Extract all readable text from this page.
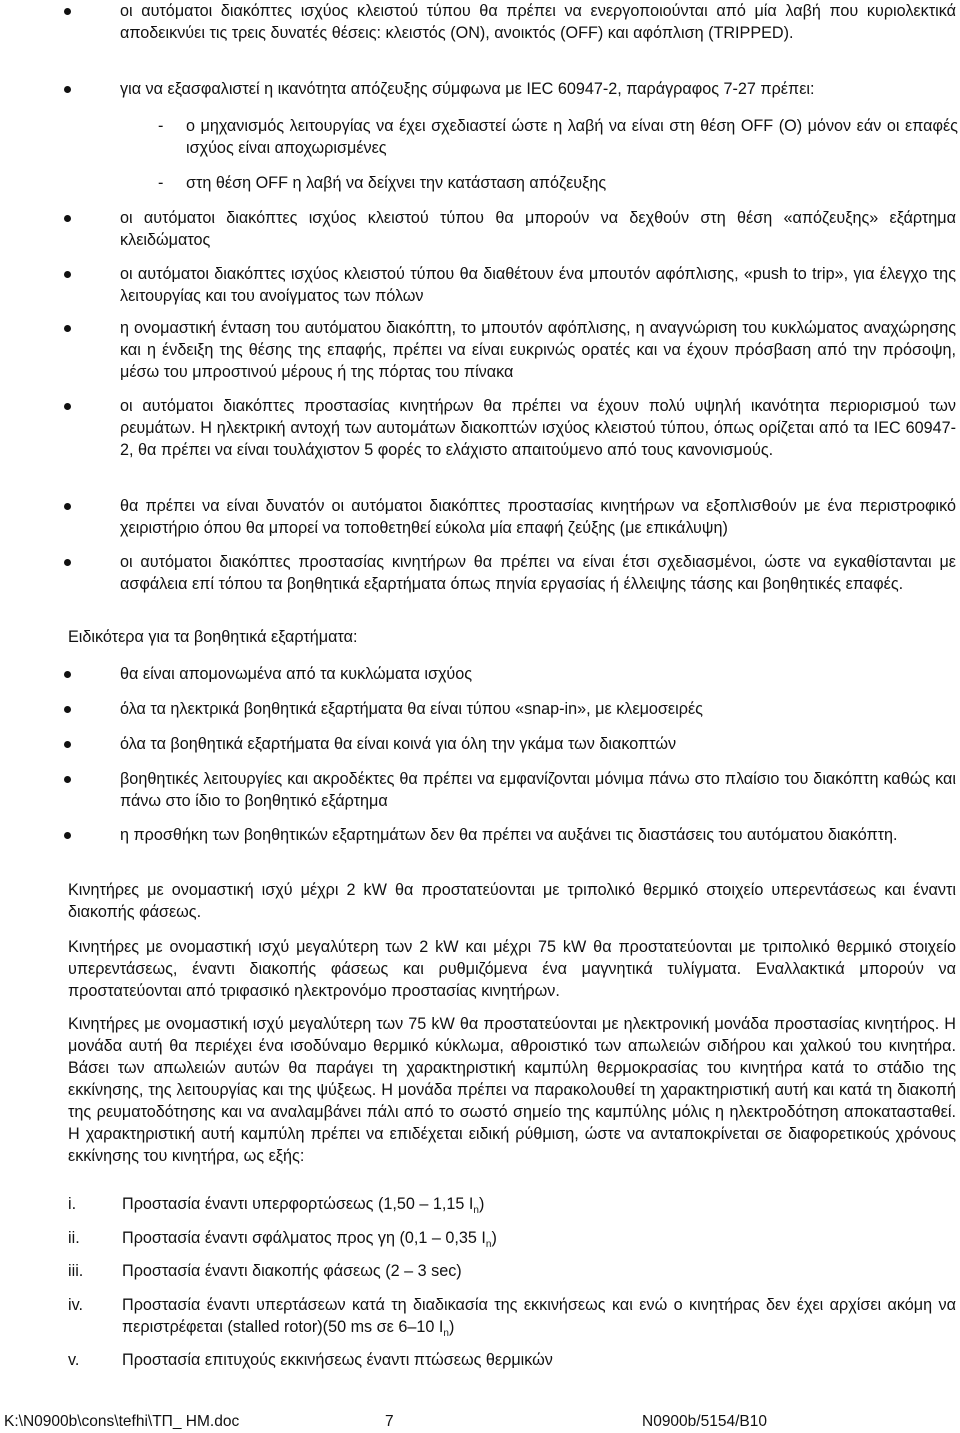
οι αυτόματοι διακόπτες ισχύος κλειστού τύπου θα πρέπει να ενεργοποιούνται από μία λαβή που κυριολεκτικά αποδεικνύει τις τρεις δυνατές θέσεις: κλειστός (ON), ανοικτός (OFF) και αφόπλιση (TRIPPED).
για να εξασφαλιστεί η ικανότητα απόζευξης σύμφωνα με IEC 60947-2, παράγραφος 7-27 πρέπει:
- ο μηχανισμός λειτουργίας να έχει σχεδιαστεί ώστε η λαβή να είναι στη θέση OFF (O) μόνον εάν οι επαφές ισχύος είναι αποχωρισμένες
- στη θέση OFF η λαβή να δείχνει την κατάσταση απόζευξης
οι αυτόματοι διακόπτες ισχύος κλειστού τύπου θα μπορούν να δεχθούν στη θέση «απόζευξης» εξάρτημα κλειδώματος
οι αυτόματοι διακόπτες ισχύος κλειστού τύπου θα διαθέτουν ένα μπουτόν αφόπλισης, «push to trip», για έλεγχο της λειτουργίας και του ανοίγματος των πόλων
η ονομαστική ένταση του αυτόματου διακόπτη, το μπουτόν αφόπλισης, η αναγνώριση του κυκλώματος αναχώρησης και η ένδειξη της θέσης της επαφής, πρέπει να είναι ευκρινώς ορατές και να έχουν πρόσβαση από την πρόσοψη, μέσω του μπροστινού μέρους ή της πόρτας του πίνακα
οι αυτόματοι διακόπτες προστασίας κινητήρων θα πρέπει να έχουν πολύ υψηλή ικανότητα περιορισμού των ρευμάτων. Η ηλεκτρική αντοχή των αυτομάτων διακοπτών ισχύος κλειστού τύπου, όπως ορίζεται από τα IEC 60947-2, θα πρέπει να είναι τουλάχιστον 5 φορές το ελάχιστο απαιτούμενο από τους κανονισμούς.
θα πρέπει να είναι δυνατόν οι αυτόματοι διακόπτες προστασίας κινητήρων να εξοπλισθούν με ένα περιστροφικό χειριστήριο όπου θα μπορεί να τοποθετηθεί εύκολα μία επαφή ζεύξης (με επικάλυψη)
οι αυτόματοι διακόπτες προστασίας κινητήρων θα πρέπει να είναι έτσι σχεδιασμένοι, ώστε να εγκαθίστανται με ασφάλεια επί τόπου τα βοηθητικά εξαρτήματα όπως πηνία εργασίας ή έλλειψης τάσης και βοηθητικές επαφές.
Ειδικότερα για τα βοηθητικά εξαρτήματα:
θα είναι απομονωμένα από τα κυκλώματα ισχύος
όλα τα ηλεκτρικά βοηθητικά εξαρτήματα θα είναι τύπου «snap-in», με κλεμοσειρές
όλα τα βοηθητικά εξαρτήματα θα είναι κοινά για όλη την γκάμα των διακοπτών
βοηθητικές λειτουργίες και ακροδέκτες θα πρέπει να εμφανίζονται μόνιμα πάνω στο πλαίσιο του διακόπτη καθώς και πάνω στο ίδιο το βοηθητικό εξάρτημα
η προσθήκη των βοηθητικών εξαρτημάτων δεν θα πρέπει να αυξάνει τις διαστάσεις του αυτόματου διακόπτη.
Κινητήρες με ονομαστική ισχύ μέχρι 2 kW θα προστατεύονται με τριπολικό θερμικό στοιχείο υπερεντάσεως και έναντι διακοπής φάσεως.
Κινητήρες με ονομαστική ισχύ μεγαλύτερη των 2 kW και μέχρι 75 kW θα προστατεύονται με τριπολικό θερμικό στοιχείο υπερεντάσεως, έναντι διακοπής φάσεως και ρυθμιζόμενα ένα μαγνητικά τυλίγματα. Εναλλακτικά μπορούν να προστατεύονται από τριφασικό ηλεκτρονόμο προστασίας κινητήρων.
Κινητήρες με ονομαστική ισχύ μεγαλύτερη των 75 kW θα προστατεύονται με ηλεκτρονική μονάδα προστασίας κινητήρος. Η μονάδα αυτή θα περιέχει ένα ισοδύναμο θερμικό κύκλωμα, αθροιστικό των απωλειών σιδήρου και χαλκού του κινητήρα. Βάσει των απωλειών αυτών θα παράγει τη χαρακτηριστική καμπύλη θερμοκρασίας του κινητήρα κατά το στάδιο της εκκίνησης, της λειτουργίας και της ψύξεως. Η μονάδα πρέπει να παρακολουθεί τη χαρακτηριστική αυτή και κατά τη διακοπή της ρευματοδότησης και να αναλαμβάνει πάλι από το σωστό σημείο της καμπύλης μόλις η ηλεκτροδότηση αποκατασταθεί. Η χαρακτηριστική αυτή καμπύλη πρέπει να επιδέχεται ειδική ρύθμιση, ώστε να ανταποκρίνεται σε διαφορετικούς χρόνους εκκίνησης του κινητήρα, ως εξής:
i.	Προστασία έναντι υπερφορτώσεως (1,50 – 1,15 $I_n$)
ii.	Προστασία έναντι σφάλματος προς γη (0,1 – 0,35 $I_n$)
iii. Προστασία έναντι διακοπής φάσεως (2 – 3 sec)
iv. Προστασία έναντι υπερτάσεων κατά τη διαδικασία της εκκινήσεως και ενώ ο κινητήρας δεν έχει αρχίσει ακόμη να περιστρέφεται (stalled rotor)(50 ms σε 6–10 $I_n$)
v.	Προστασία επιτυχούς εκκινήσεως έναντι πτώσεως θερμικών
K:\N0900b\cons\tefhi\ΤΠ_ HM.doc	7	N0900b/5154/B10
